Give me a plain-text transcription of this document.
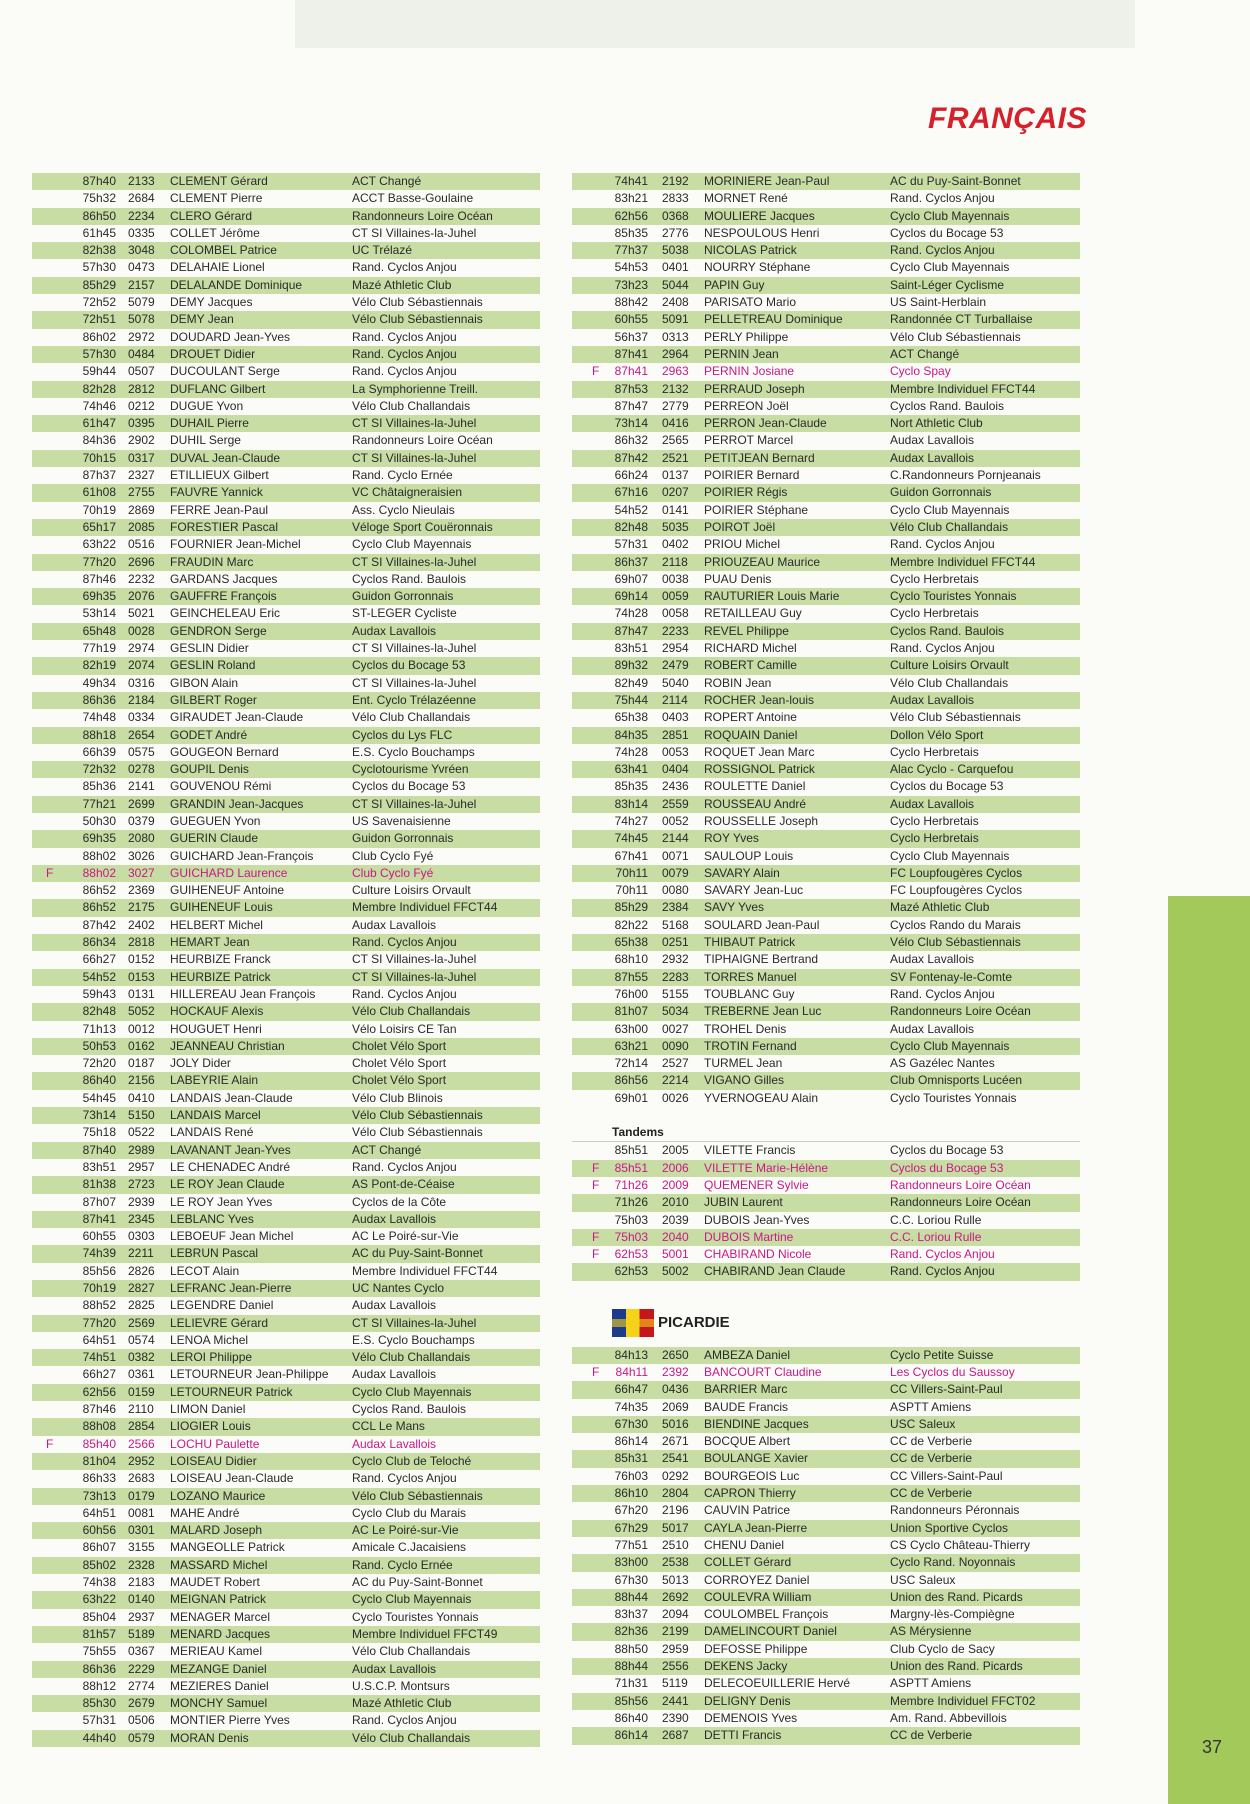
FRANÇAIS
87h40 2133	CLEMENT Gérard	ACT Changé
75h32 2684	CLEMENT Pierre	ACCT Basse-Goulaine
86h50 2234	CLERO Gérard	Randonneurs Loire Océan
61h45 0335	COLLET Jérôme	CT SI Villaines-la-Juhel
82h38 3048	COLOMBEL Patrice	UC Trélazé
57h30 0473	DELAHAIE Lionel	Rand. Cyclos Anjou
85h29 2157	DELALANDE Dominique	Mazé Athletic Club
72h52 5079	DEMY Jacques	Vélo Club Sébastiennais
72h51 5078	DEMY Jean	Vélo Club Sébastiennais
86h02 2972	DOUDARD Jean-Yves	Rand. Cyclos Anjou
57h30 0484	DROUET Didier	Rand. Cyclos Anjou
59h44 0507	DUCOULANT Serge	Rand. Cyclos Anjou
82h28 2812	DUFLANC Gilbert	La Symphorienne Treill.
74h46 0212	DUGUE Yvon	Vélo Club Challandais
61h47 0395	DUHAIL Pierre	CT SI Villaines-la-Juhel
84h36 2902	DUHIL Serge	Randonneurs Loire Océan
70h15 0317	DUVAL Jean-Claude	CT SI Villaines-la-Juhel
87h37 2327	ETILLIEUX Gilbert	Rand. Cyclo Ernée
61h08 2755	FAUVRE Yannick	VC Châtaigneraisien
70h19 2869	FERRE Jean-Paul	Ass. Cyclo Nieulais
65h17 2085	FORESTIER Pascal	Véloge Sport Couëronnais
63h22 0516	FOURNIER Jean-Michel	Cyclo Club Mayennais
77h20 2696	FRAUDIN Marc	CT SI Villaines-la-Juhel
87h46 2232	GARDANS Jacques	Cyclos Rand. Baulois
69h35 2076	GAUFFRE François	Guidon Gorronnais
53h14 5021	GEINCHELEAU Eric	ST-LEGER Cycliste
65h48 0028	GENDRON Serge	Audax Lavallois
77h19 2974	GESLIN Didier	CT SI Villaines-la-Juhel
82h19 2074	GESLIN Roland	Cyclos du Bocage 53
49h34 0316	GIBON Alain	CT SI Villaines-la-Juhel
86h36 2184	GILBERT Roger	Ent. Cyclo Trélazéenne
74h48 0334	GIRAUDET Jean-Claude	Vélo Club Challandais
88h18 2654	GODET André	Cyclos du Lys FLC
66h39 0575	GOUGEON Bernard	E.S. Cyclo Bouchamps
72h32 0278	GOUPIL Denis	Cyclotourisme Yvréen
85h36 2141	GOUVENOU Rémi	Cyclos du Bocage 53
77h21 2699	GRANDIN Jean-Jacques	CT SI Villaines-la-Juhel
50h30 0379	GUEGUEN Yvon	US Savenaisienne
69h35 2080	GUERIN Claude	Guidon Gorronnais
88h02 3026	GUICHARD Jean-François	Club Cyclo Fyé
F	88h02 3027	GUICHARD Laurence	Club Cyclo Fyé
86h52 2369	GUIHENEUF Antoine	Culture Loisirs Orvault
86h52 2175	GUIHENEUF Louis	Membre Individuel FFCT44
87h42 2402	HELBERT Michel	Audax Lavallois
86h34 2818	HEMART Jean	Rand. Cyclos Anjou
66h27 0152	HEURBIZE Franck	CT SI Villaines-la-Juhel
54h52 0153	HEURBIZE Patrick	CT SI Villaines-la-Juhel
59h43 0131	HILLEREAU Jean François	Rand. Cyclos Anjou
82h48 5052	HOCKAUF Alexis	Vélo Club Challandais
71h13 0012	HOUGUET Henri	Vélo Loisirs CE Tan
50h53 0162	JEANNEAU Christian	Cholet Vélo Sport
72h20 0187	JOLY Dider	Cholet Vélo Sport
86h40 2156	LABEYRIE Alain	Cholet Vélo Sport
54h45 0410	LANDAIS Jean-Claude	Vélo Club Blinois
73h14 5150	LANDAIS Marcel	Vélo Club Sébastiennais
75h18 0522	LANDAIS René	Vélo Club Sébastiennais
87h40 2989	LAVANANT Jean-Yves	ACT Changé
83h51 2957	LE CHENADEC André	Rand. Cyclos Anjou
81h38 2723	LE ROY Jean Claude	AS Pont-de-Céaise
87h07 2939	LE ROY Jean Yves	Cyclos de la Côte
87h41 2345	LEBLANC Yves	Audax Lavallois
60h55 0303	LEBOEUF Jean Michel	AC Le Poiré-sur-Vie
74h39 2211	LEBRUN Pascal	AC du Puy-Saint-Bonnet
85h56 2826	LECOT Alain	Membre Individuel FFCT44
70h19 2827	LEFRANC Jean-Pierre	UC Nantes Cyclo
88h52 2825	LEGENDRE Daniel	Audax Lavallois
77h20 2569	LELIEVRE Gérard	CT SI Villaines-la-Juhel
64h51 0574	LENOA Michel	E.S. Cyclo Bouchamps
74h51 0382	LEROI Philippe	Vélo Club Challandais
66h27 0361	LETOURNEUR Jean-Philippe	Audax Lavallois
62h56 0159	LETOURNEUR Patrick	Cyclo Club Mayennais
87h46 2110	LIMON Daniel	Cyclos Rand. Baulois
88h08 2854	LIOGIER Louis	CCL Le Mans
F	85h40 2566	LOCHU Paulette	Audax Lavallois
81h04 2952	LOISEAU Didier	Cyclo Club de Teloché
86h33 2683	LOISEAU Jean-Claude	Rand. Cyclos Anjou
73h13 0179	LOZANO Maurice	Vélo Club Sébastiennais
64h51 0081	MAHE André	Cyclo Club du Marais
60h56 0301	MALARD Joseph	AC Le Poiré-sur-Vie
86h07 3155	MANGEOLLE Patrick	Amicale C.Jacaisiens
85h02 2328	MASSARD Michel	Rand. Cyclo Ernée
74h38 2183	MAUDET Robert	AC du Puy-Saint-Bonnet
63h22 0140	MEIGNAN Patrick	Cyclo Club Mayennais
85h04 2937	MENAGER Marcel	Cyclo Touristes Yonnais
81h57 5189	MENARD Jacques	Membre Individuel FFCT49
75h55 0367	MERIEAU Kamel	Vélo Club Challandais
86h36 2229	MEZANGE Daniel	Audax Lavallois
88h12 2774	MEZIERES Daniel	U.S.C.P. Montsurs
85h30 2679	MONCHY Samuel	Mazé Athletic Club
57h31 0506	MONTIER Pierre Yves	Rand. Cyclos Anjou
44h40 0579	MORAN Denis	Vélo Club Challandais
74h41 2192	MORINIERE Jean-Paul	AC du Puy-Saint-Bonnet
83h21 2833	MORNET René	Rand. Cyclos Anjou
62h56 0368	MOULIERE Jacques	Cyclo Club Mayennais
85h35 2776	NESPOULOUS Henri	Cyclos du Bocage 53
77h37 5038	NICOLAS Patrick	Rand. Cyclos Anjou
54h53 0401	NOURRY Stéphane	Cyclo Club Mayennais
73h23 5044	PAPIN Guy	Saint-Léger Cyclisme
88h42 2408	PARISATO Mario	US Saint-Herblain
60h55 5091	PELLETREAU Dominique	Randonnée CT Turballaise
56h37 0313	PERLY Philippe	Vélo Club Sébastiennais
87h41 2964	PERNIN Jean	ACT Changé
F	87h41 2963	PERNIN Josiane	Cyclo Spay
87h53 2132	PERRAUD Joseph	Membre Individuel FFCT44
87h47 2779	PERREON Joël	Cyclos Rand. Baulois
73h14 0416	PERRON Jean-Claude	Nort Athletic Club
86h32 2565	PERROT Marcel	Audax Lavallois
87h42 2521	PETITJEAN Bernard	Audax Lavallois
66h24 0137	POIRIER Bernard	C.Randonneurs Pornjeanais
67h16 0207	POIRIER Régis	Guidon Gorronnais
54h52 0141	POIRIER Stéphane	Cyclo Club Mayennais
82h48 5035	POIROT Joël	Vélo Club Challandais
57h31 0402	PRIOU Michel	Rand. Cyclos Anjou
86h37 2118	PRIOUZEAU Maurice	Membre Individuel FFCT44
69h07 0038	PUAU Denis	Cyclo Herbretais
69h14 0059	RAUTURIER Louis Marie	Cyclo Touristes Yonnais
74h28 0058	RETAILLEAU Guy	Cyclo Herbretais
87h47 2233	REVEL Philippe	Cyclos Rand. Baulois
83h51 2954	RICHARD Michel	Rand. Cyclos Anjou
89h32 2479	ROBERT Camille	Culture Loisirs Orvault
82h49 5040	ROBIN Jean	Vélo Club Challandais
75h44 2114	ROCHER Jean-louis	Audax Lavallois
65h38 0403	ROPERT Antoine	Vélo Club Sébastiennais
84h35 2851	ROQUAIN Daniel	Dollon Vélo Sport
74h28 0053	ROQUET Jean Marc	Cyclo Herbretais
63h41 0404	ROSSIGNOL Patrick	Alac Cyclo - Carquefou
85h35 2436	ROULETTE Daniel	Cyclos du Bocage 53
83h14 2559	ROUSSEAU André	Audax Lavallois
74h27 0052	ROUSSELLE Joseph	Cyclo Herbretais
74h45 2144	ROY Yves	Cyclo Herbretais
67h41 0071	SAULOUP Louis	Cyclo Club Mayennais
70h11 0079	SAVARY Alain	FC Loupfougères Cyclos
70h11 0080	SAVARY Jean-Luc	FC Loupfougères Cyclos
85h29 2384	SAVY Yves	Mazé Athletic Club
82h22 5168	SOULARD Jean-Paul	Cyclos Rando du Marais
65h38 0251	THIBAUT Patrick	Vélo Club Sébastiennais
68h10 2932	TIPHAIGNE Bertrand	Audax Lavallois
87h55 2283	TORRES Manuel	SV Fontenay-le-Comte
76h00 5155	TOUBLANC Guy	Rand. Cyclos Anjou
81h07 5034	TREBERNE Jean Luc	Randonneurs Loire Océan
63h00 0027	TROHEL Denis	Audax Lavallois
63h21 0090	TROTIN Fernand	Cyclo Club Mayennais
72h14 2527	TURMEL Jean	AS Gazélec Nantes
86h56 2214	VIGANO Gilles	Club Omnisports Lucéen
69h01 0026	YVERNOGEAU Alain	Cyclo Touristes Yonnais
Tandems
85h51 2005	VILETTE Francis	Cyclos du Bocage 53
F	85h51 2006	VILETTE Marie-Hélène	Cyclos du Bocage 53
F	71h26 2009	QUEMENER Sylvie	Randonneurs Loire Océan
71h26 2010	JUBIN Laurent	Randonneurs Loire Océan
75h03 2039	DUBOIS Jean-Yves	C.C. Loriou Rulle
F	75h03 2040	DUBOIS Martine	C.C. Loriou Rulle
F	62h53 5001	CHABIRAND Nicole	Rand. Cyclos Anjou
62h53 5002	CHABIRAND Jean Claude	Rand. Cyclos Anjou
PICARDIE
84h13 2650	AMBEZA Daniel	Cyclo Petite Suisse
F	84h11 2392	BANCOURT Claudine	Les Cyclos du Saussoy
66h47 0436	BARRIER Marc	CC Villers-Saint-Paul
74h35 2069	BAUDE Francis	ASPTT Amiens
67h30 5016	BIENDINE Jacques	USC Saleux
86h14 2671	BOCQUE Albert	CC de Verberie
85h31 2541	BOULANGE Xavier	CC de Verberie
76h03 0292	BOURGEOIS Luc	CC Villers-Saint-Paul
86h10 2804	CAPRON Thierry	CC de Verberie
67h20 2196	CAUVIN Patrice	Randonneurs Péronnais
67h29 5017	CAYLA Jean-Pierre	Union Sportive Cyclos
77h51 2510	CHENU Daniel	CS Cyclo Château-Thierry
83h00 2538	COLLET Gérard	Cyclo Rand. Noyonnais
67h30 5013	CORROYEZ Daniel	USC Saleux
88h44 2692	COULEVRA William	Union des Rand. Picards
83h37 2094	COULOMBEL François	Margny-lès-Compiègne
82h36 2199	DAMELINCOURT Daniel	AS Mérysienne
88h50 2959	DEFOSSE Philippe	Club Cyclo de Sacy
88h44 2556	DEKENS Jacky	Union des Rand. Picards
71h31 5119	DELECOEUILLERIE Hervé	ASPTT Amiens
85h56 2441	DELIGNY Denis	Membre Individuel FFCT02
86h40 2390	DEMENOIS Yves	Am. Rand. Abbevillois
86h14 2687	DETTI Francis	CC de Verberie
37
